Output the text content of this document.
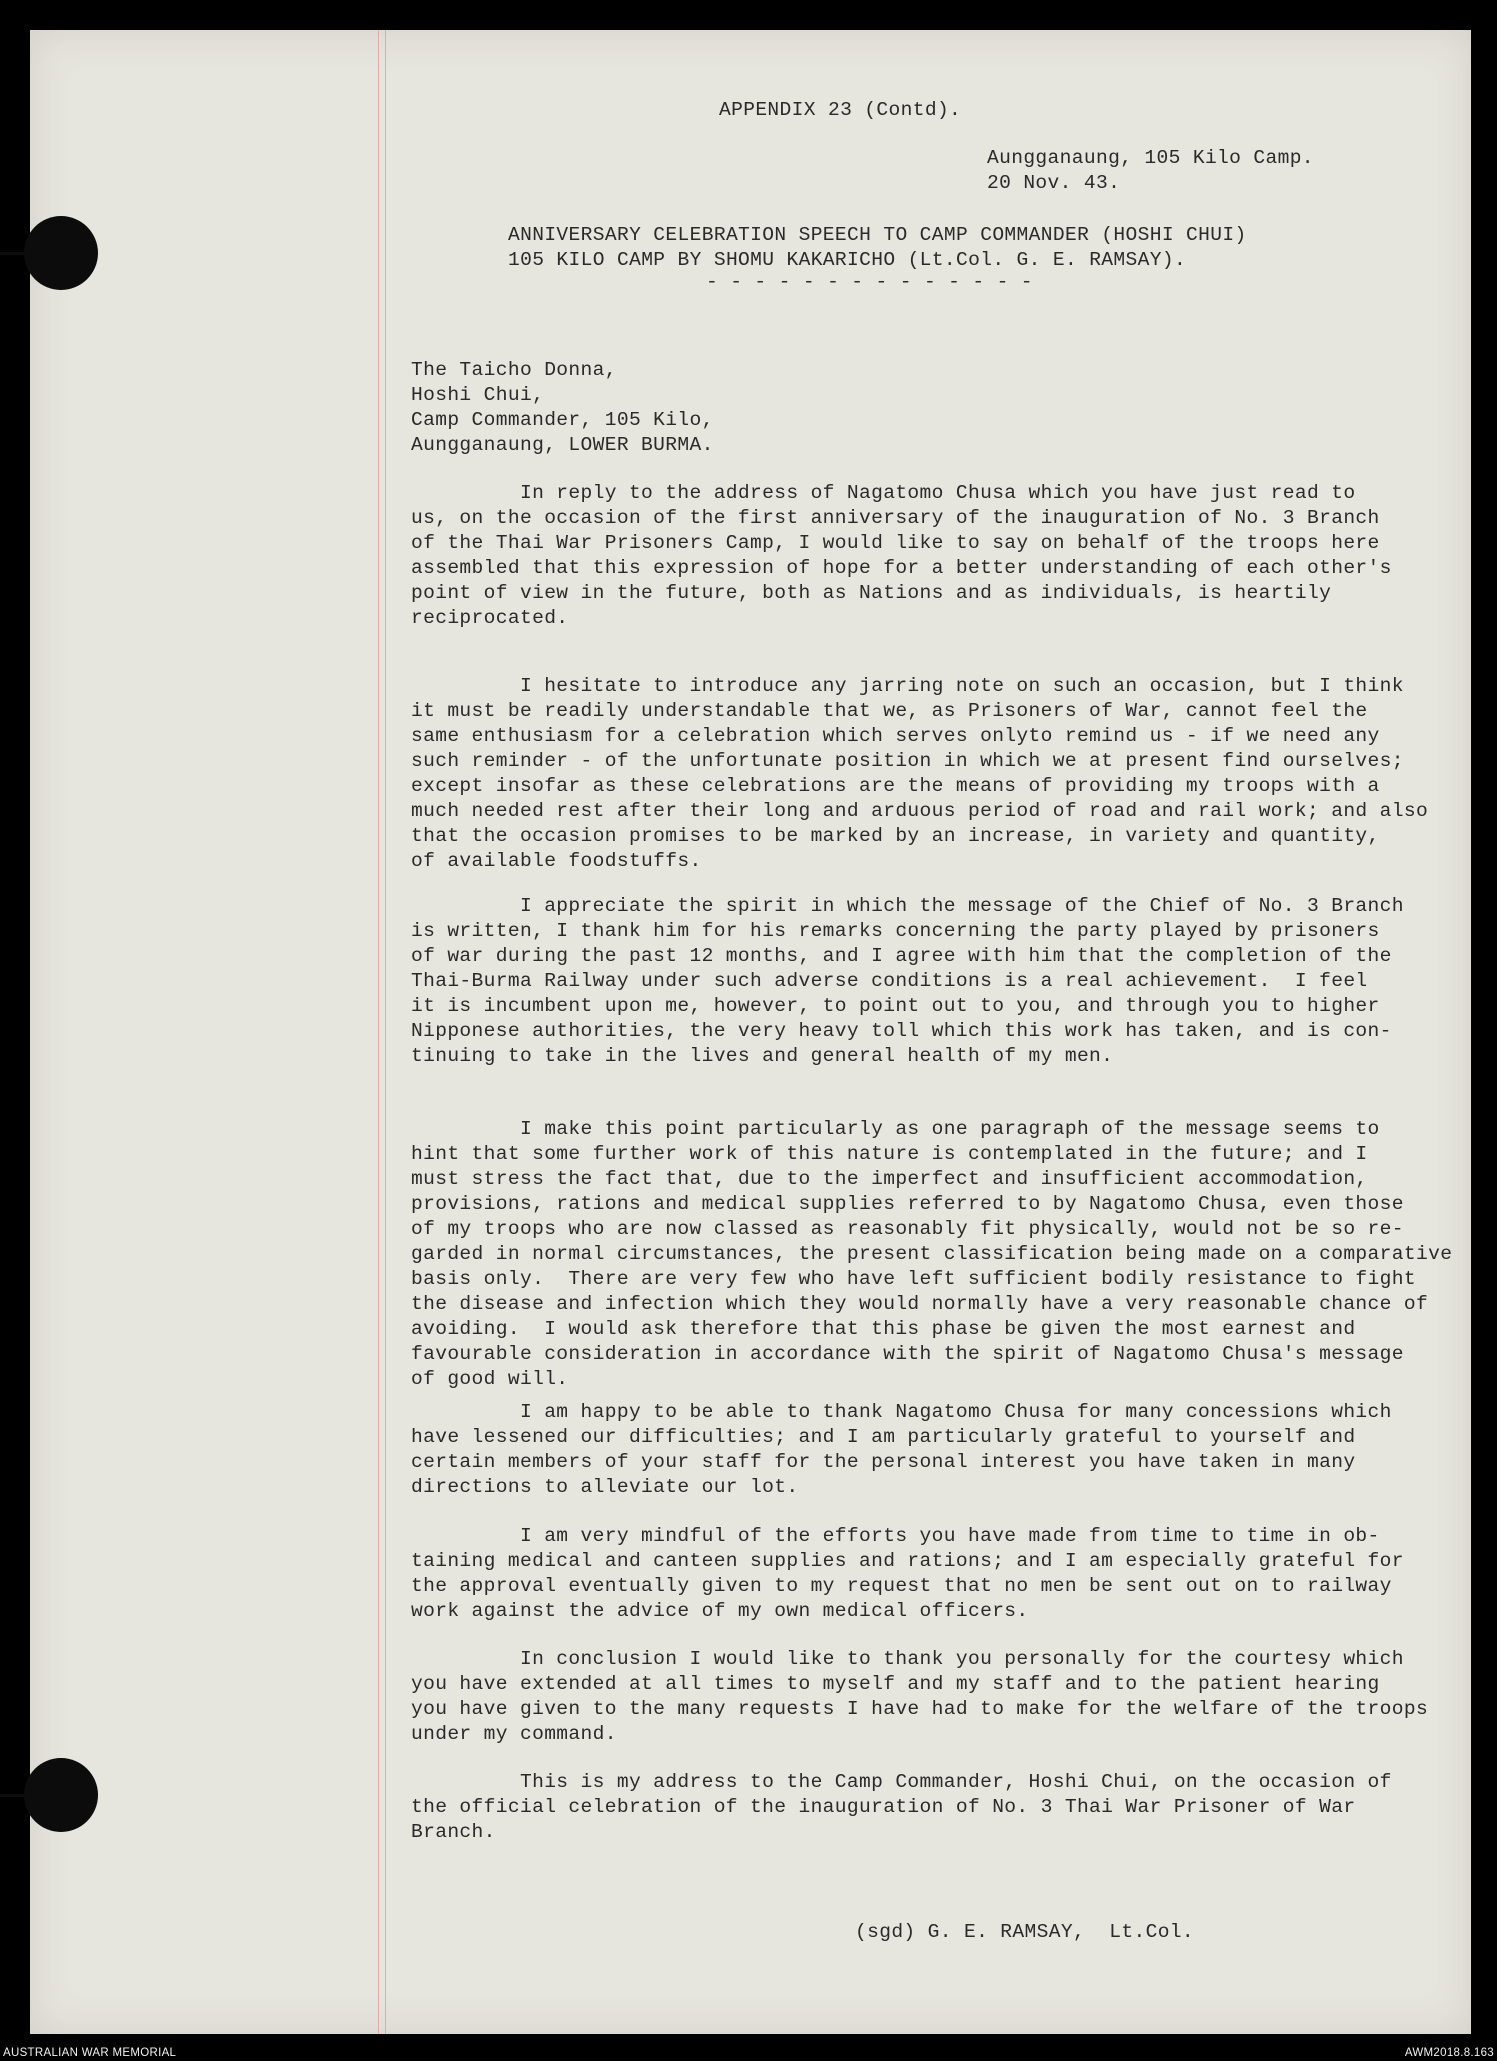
APPENDIX 23 (Contd).
Aungganaung, 105 Kilo Camp.
20 Nov. 43.
ANNIVERSARY CELEBRATION SPEECH TO CAMP COMMANDER (HOSHI CHUI)
105 KILO CAMP BY SHOMU KAKARICHO (Lt.Col. G. E. RAMSAY).
- - - - - - - - - - - - - -
The Taicho Donna,
Hoshi Chui,
Camp Commander, 105 Kilo,
Aungganaung, LOWER BURMA.
In reply to the address of Nagatomo Chusa which you have just read to
us, on the occasion of the first anniversary of the inauguration of No. 3 Branch
of the Thai War Prisoners Camp, I would like to say on behalf of the troops here
assembled that this expression of hope for a better understanding of each other's
point of view in the future, both as Nations and as individuals, is heartily
reciprocated.
I hesitate to introduce any jarring note on such an occasion, but I think
it must be readily understandable that we, as Prisoners of War, cannot feel the
same enthusiasm for a celebration which serves onlyto remind us - if we need any
such reminder - of the unfortunate position in which we at present find ourselves;
except insofar as these celebrations are the means of providing my troops with a
much needed rest after their long and arduous period of road and rail work; and also
that the occasion promises to be marked by an increase, in variety and quantity,
of available foodstuffs.
I appreciate the spirit in which the message of the Chief of No. 3 Branch
is written, I thank him for his remarks concerning the party played by prisoners
of war during the past 12 months, and I agree with him that the completion of the
Thai-Burma Railway under such adverse conditions is a real achievement.  I feel
it is incumbent upon me, however, to point out to you, and through you to higher
Nipponese authorities, the very heavy toll which this work has taken, and is con-
tinuing to take in the lives and general health of my men.
I make this point particularly as one paragraph of the message seems to
hint that some further work of this nature is contemplated in the future; and I
must stress the fact that, due to the imperfect and insufficient accommodation,
provisions, rations and medical supplies referred to by Nagatomo Chusa, even those
of my troops who are now classed as reasonably fit physically, would not be so re-
garded in normal circumstances, the present classification being made on a comparative
basis only.  There are very few who have left sufficient bodily resistance to fight
the disease and infection which they would normally have a very reasonable chance of
avoiding.  I would ask therefore that this phase be given the most earnest and
favourable consideration in accordance with the spirit of Nagatomo Chusa's message
of good will.
I am happy to be able to thank Nagatomo Chusa for many concessions which
have lessened our difficulties; and I am particularly grateful to yourself and
certain members of your staff for the personal interest you have taken in many
directions to alleviate our lot.
I am very mindful of the efforts you have made from time to time in ob-
taining medical and canteen supplies and rations; and I am especially grateful for
the approval eventually given to my request that no men be sent out on to railway
work against the advice of my own medical officers.
In conclusion I would like to thank you personally for the courtesy which
you have extended at all times to myself and my staff and to the patient hearing
you have given to the many requests I have had to make for the welfare of the troops
under my command.
This is my address to the Camp Commander, Hoshi Chui, on the occasion of
the official celebration of the inauguration of No. 3 Thai War Prisoner of War
Branch.
(sgd) G. E. RAMSAY,  Lt.Col.
AUSTRALIAN WAR MEMORIAL	AWM2018.8.163
